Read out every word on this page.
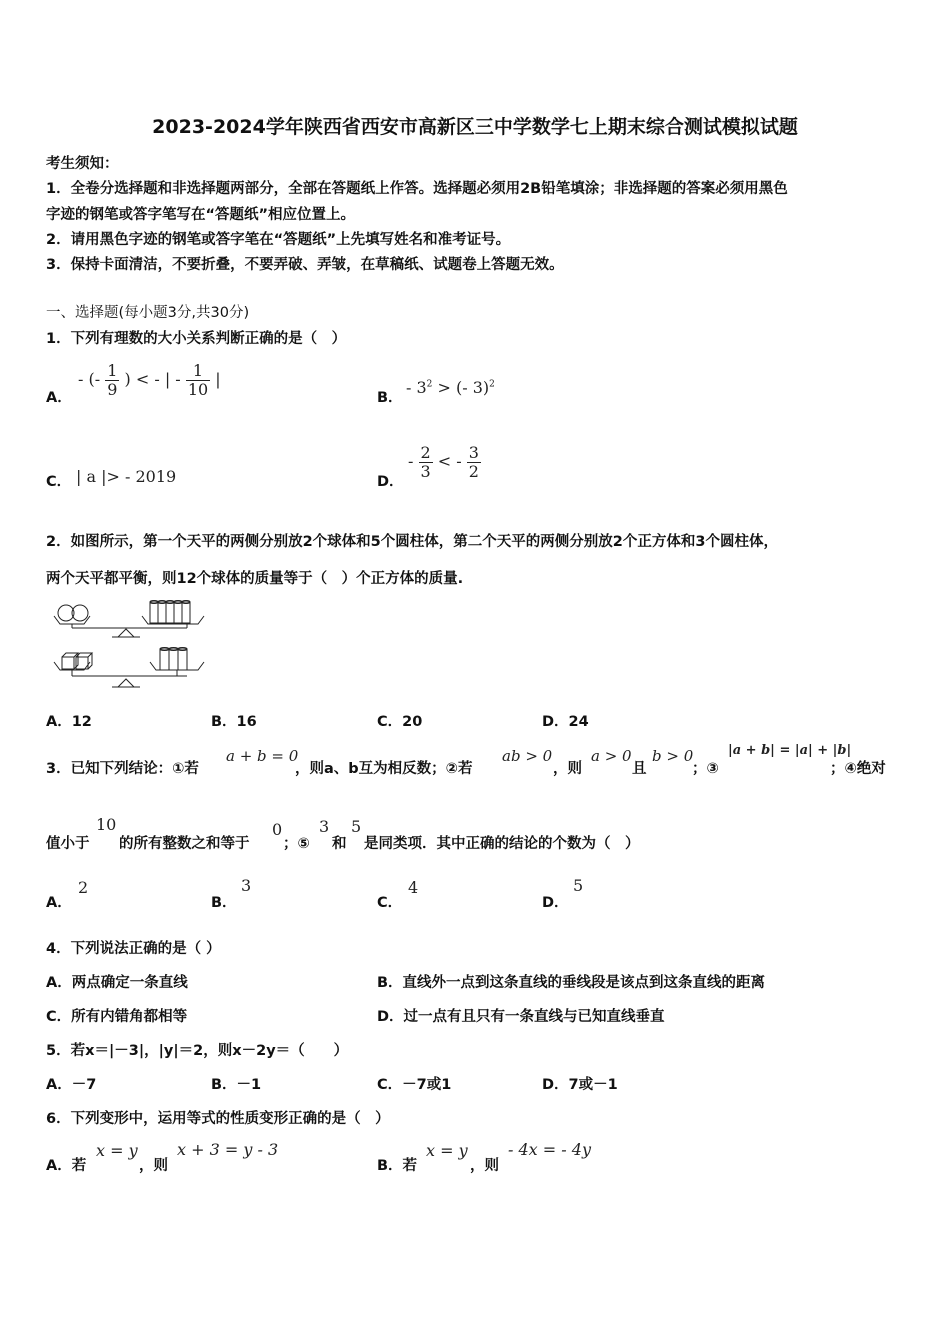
2023-2024学年陕西省西安市高新区三中学数学七上期末综合测试模拟试题
考生须知：
1．全卷分选择题和非选择题两部分，全部在答题纸上作答。选择题必须用2B铅笔填涂；非选择题的答案必须用黑色
字迹的钢笔或答字笔写在“答题纸”相应位置上。
2．请用黑色字迹的钢笔或答字笔在“答题纸”上先填写姓名和准考证号。
3．保持卡面清洁，不要折叠，不要弄破、弄皱，在草稿纸、试题卷上答题无效。
一、选择题(每小题3分,共30分)
1．下列有理数的大小关系判断正确的是（　）
A．
- (- $\frac{1}{9}$ ) < - | - $\frac{1}{10}$ |
B．
- $3^2$ > (- 3)$^2$
C． | a |> - 2019	D．
- $\frac{2}{3}$ < - $\frac{3}{2}$
2．如图所示，第一个天平的两侧分别放2个球体和5个圆柱体，第二个天平的两侧分别放2个正方体和3个圆柱体，
两个天平都平衡，则12个球体的质量等于（　）个正方体的质量.
A．12	B．16	C．20	D．24
3．已知下列结论：①若
a + b = 0
，则a、b互为相反数；②若
ab > 0
，则
a > 0
且
b > 0
；③
|a + b| = |a| + |b|
；④绝对
值小于
10
的所有整数之和等于
0
；⑤
3
和
5
是同类项．其中正确的结论的个数为（　）
A．
2
B．
3
C．
4
D．
5
4．下列说法正确的是（ ）
A．两点确定一条直线	B．直线外一点到这条直线的垂线段是该点到这条直线的距离
C．所有内错角都相等	D．过一点有且只有一条直线与已知直线垂直
5．若x＝|－3|，|y|＝2，则x－2y＝（　　）
A．－7	B．－1	C．－7或1	D．7或－1
6．下列变形中，运用等式的性质变形正确的是（　）
A．若
x = y
，则
x + 3 = y - 3
B．若
x = y
，则
- 4x = - 4y
